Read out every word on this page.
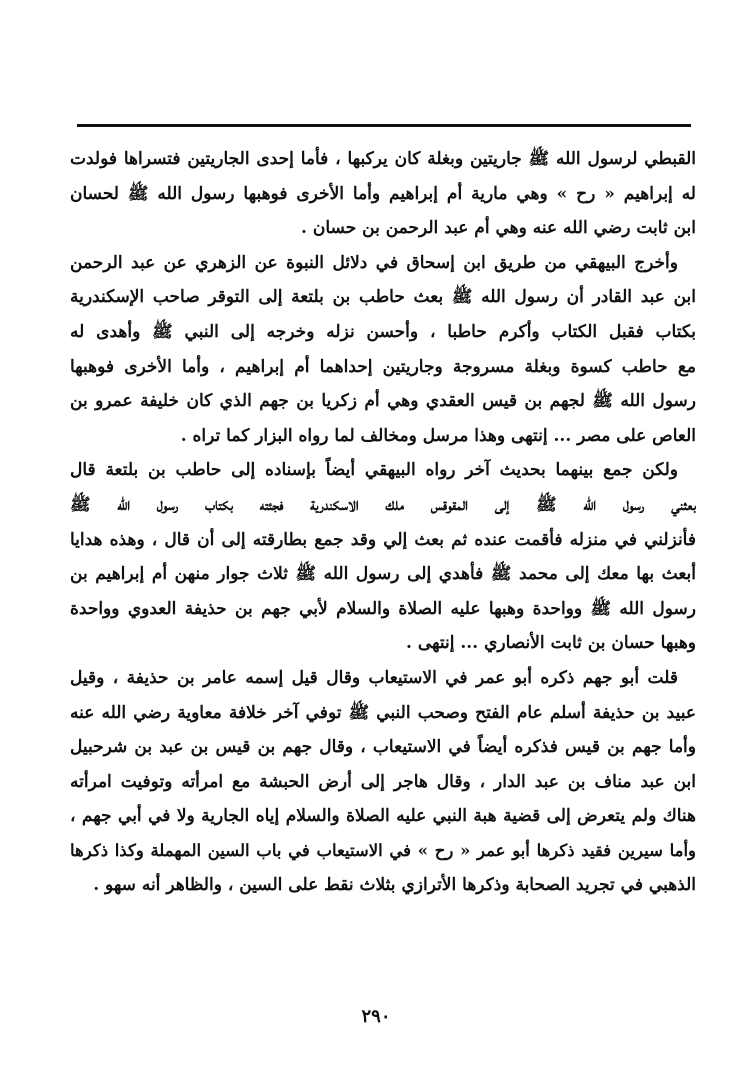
القبطي لرسول الله ﷺ جاريتين وبغلة كان يركبها ، فأما إحدى الجاريتين فتسراها فولدت
له إبراهيم « رح » وهي مارية أم إبراهيم وأما الأخرى فوهبها رسول الله ﷺ لحسان
ابن ثابت رضي الله عنه وهي أم عبد الرحمن بن حسان .
وأخرج البيهقي من طريق ابن إسحاق في دلائل النبوة عن الزهري عن عبد الرحمن
ابن عبد القادر أن رسول الله ﷺ بعث حاطب بن بلتعة إلى التوقر صاحب الإسكندرية
بكتاب فقبل الكتاب وأكرم حاطبا ، وأحسن نزله وخرجه إلى النبي ﷺ وأهدى له
مع حاطب كسوة وبغلة مسروجة وجاريتين إحداهما أم إبراهيم ، وأما الأخرى فوهبها
رسول الله ﷺ لجهم بن قيس العقدي وهي أم زكريا بن جهم الذي كان خليفة عمرو بن
العاص على مصر ... إنتهى وهذا مرسل ومخالف لما رواه البزار كما تراه .
ولكن جمع بينهما بحديث آخر رواه البيهقي أيضاً بإسناده إلى حاطب بن بلتعة قال
بعثني رسول الله ﷺ إلى المقوقس ملك الاسكندرية فجئته بكتاب رسول الله ﷺ
فأنزلني في منزله فأقمت عنده ثم بعث إلي وقد جمع بطارقته إلى أن قال ، وهذه هدايا
أبعث بها معك إلى محمد ﷺ فأهدي إلى رسول الله ﷺ ثلاث جوار منهن أم إبراهيم بن
رسول الله ﷺ وواحدة وهبها عليه الصلاة والسلام لأبي جهم بن حذيفة العدوي وواحدة
وهبها حسان بن ثابت الأنصاري ... إنتهى .
قلت أبو جهم ذكره أبو عمر في الاستيعاب وقال قيل إسمه عامر بن حذيفة ، وقيل
عبيد بن حذيفة أسلم عام الفتح وصحب النبي ﷺ توفي آخر خلافة معاوية رضي الله عنه
وأما جهم بن قيس فذكره أيضاً في الاستيعاب ، وقال جهم بن قيس بن عبد بن شرحبيل
ابن عبد مناف بن عبد الدار ، وقال هاجر إلى أرض الحبشة مع امرأته وتوفيت امرأته
هناك ولم يتعرض إلى قضية هبة النبي عليه الصلاة والسلام إياه الجارية ولا في أبي جهم ،
وأما سيرين فقيد ذكرها أبو عمر « رح » في الاستيعاب في باب السين المهملة وكذا ذكرها
الذهبي في تجريد الصحابة وذكرها الأترازي بثلاث نقط على السين ، والظاهر أنه سهو .
٢٩٠
